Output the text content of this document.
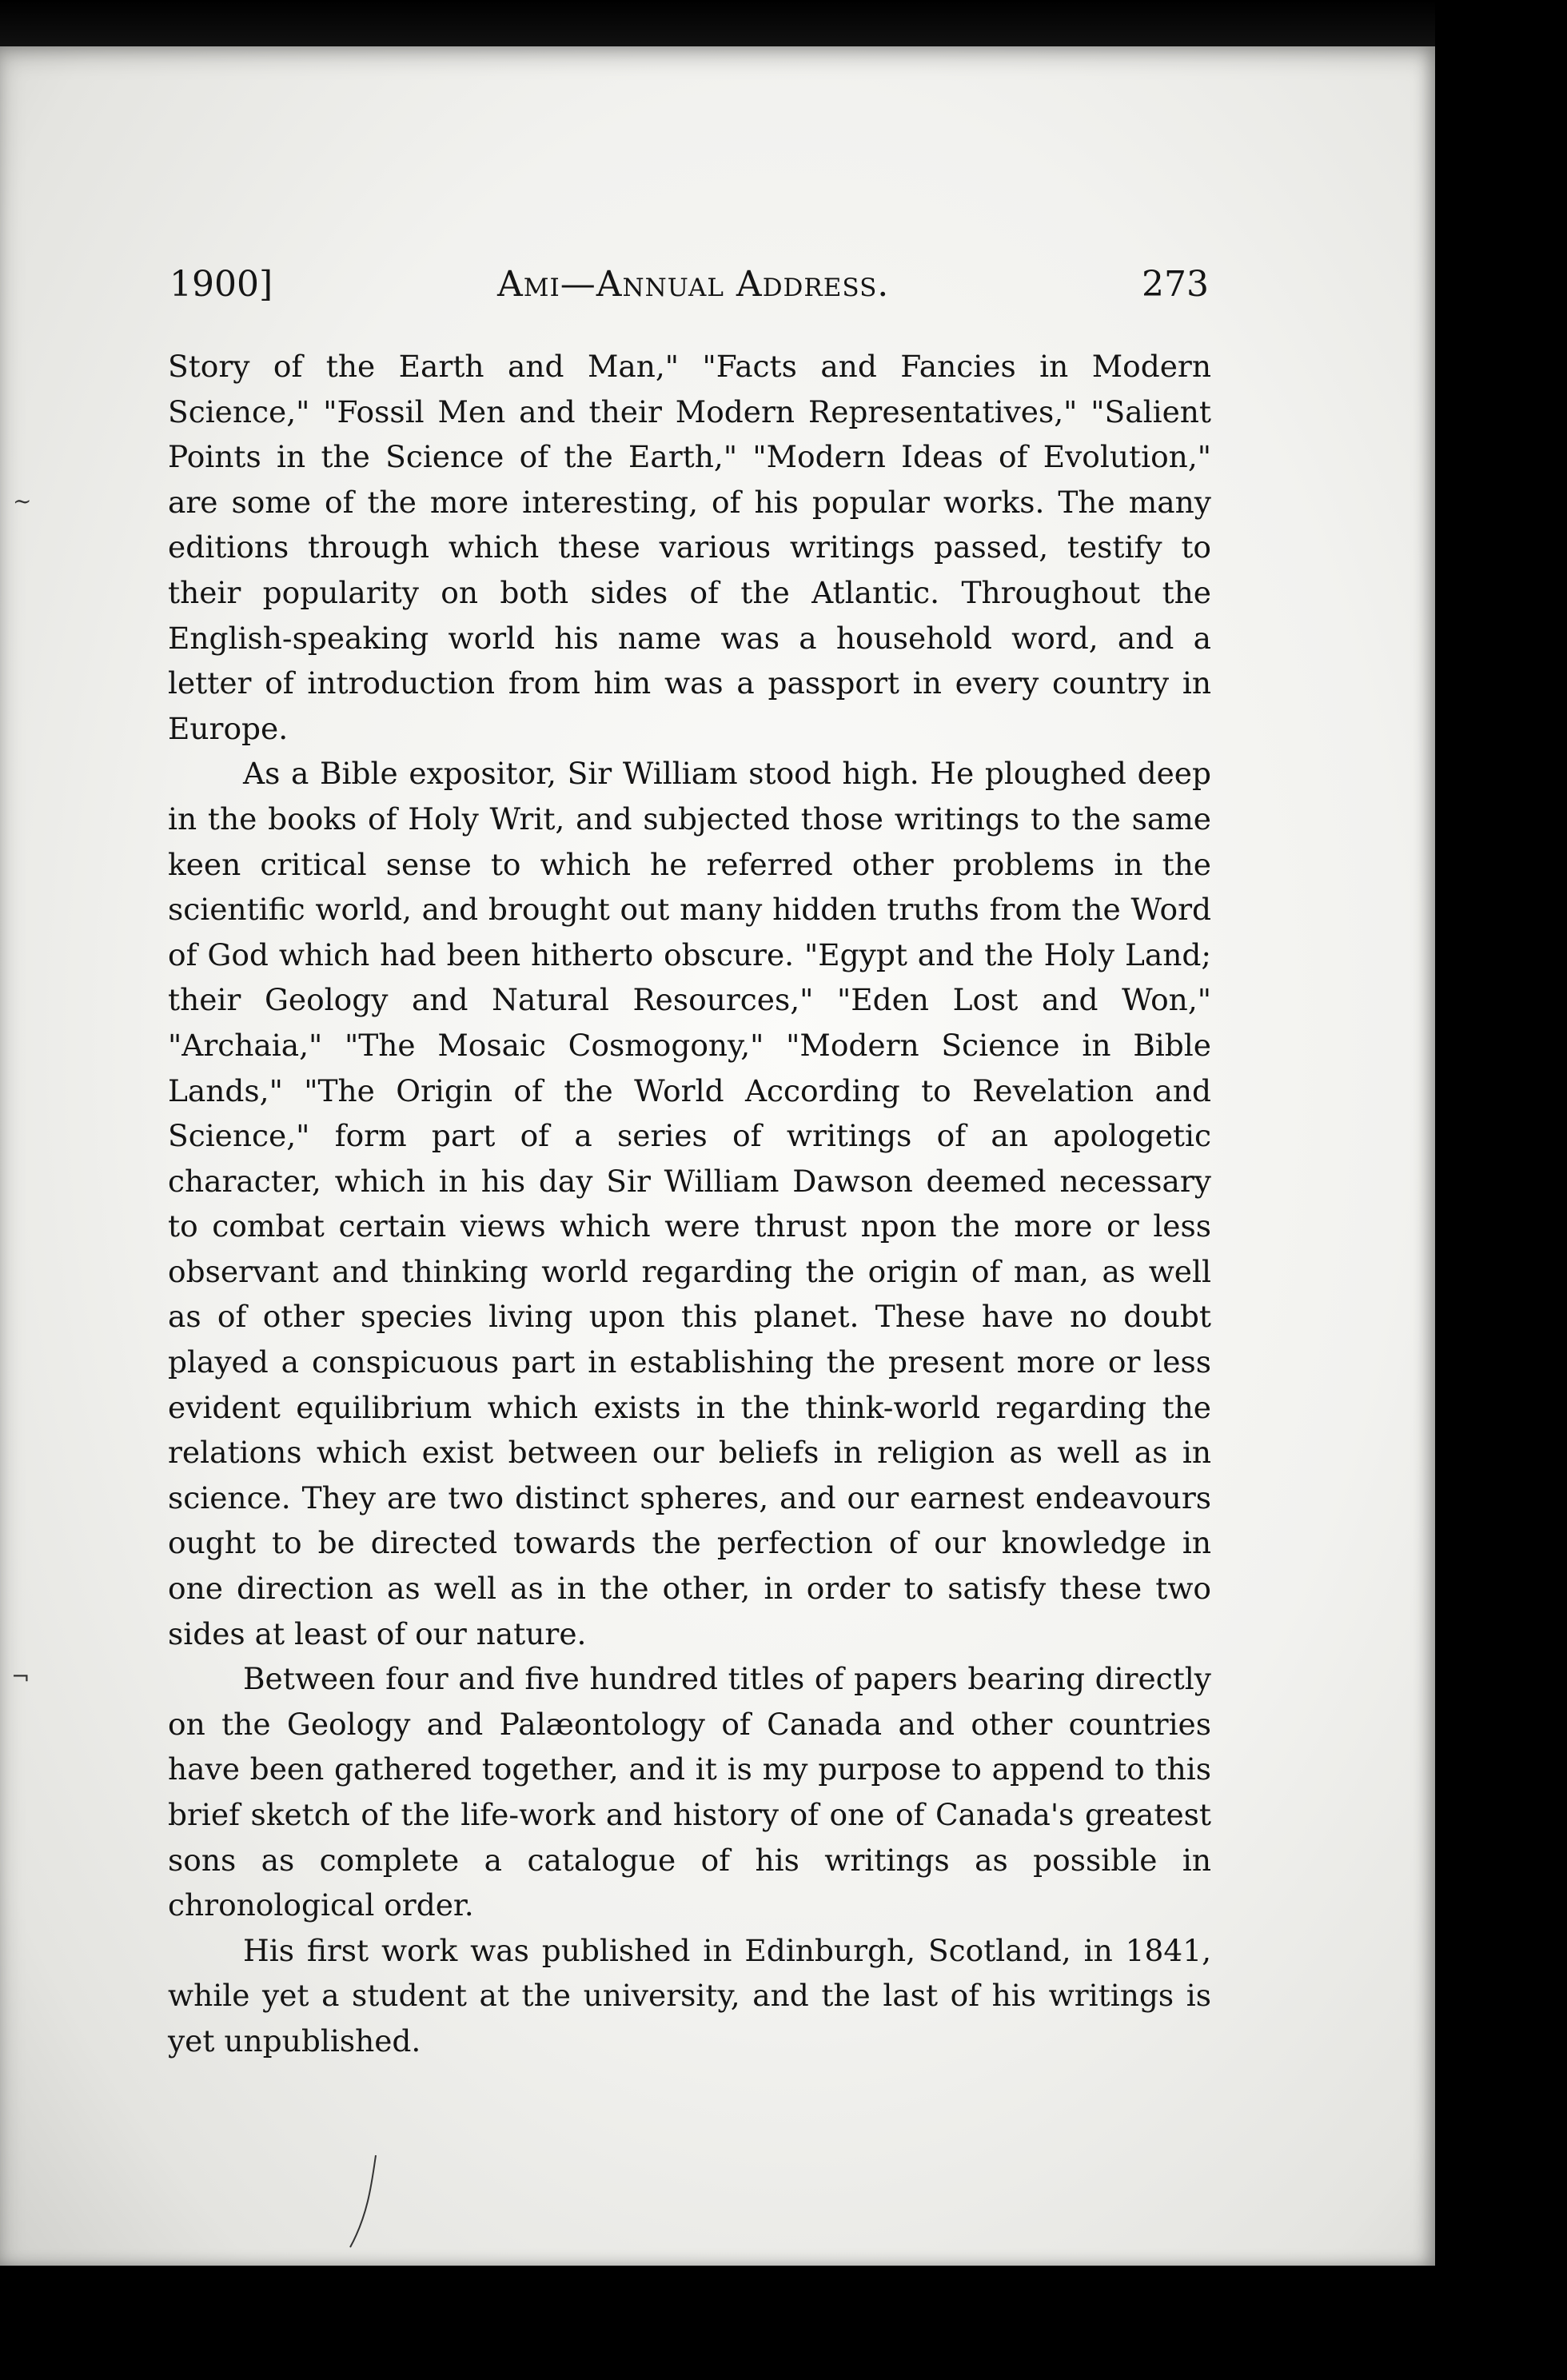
1900]	Ami—Annual Address.	273

Story of the Earth and Man," "Facts and Fancies in Modern Science," "Fossil Men and their Modern Representatives," "Salient Points in the Science of the Earth," "Modern Ideas of Evolution," are some of the more interesting, of his popular works. The many editions through which these various writings passed, testify to their popularity on both sides of the Atlantic. Throughout the English-speaking world his name was a household word, and a letter of introduction from him was a passport in every country in Europe.

As a Bible expositor, Sir William stood high. He ploughed deep in the books of Holy Writ, and subjected those writings to the same keen critical sense to which he referred other problems in the scientific world, and brought out many hidden truths from the Word of God which had been hitherto obscure. "Egypt and the Holy Land; their Geology and Natural Resources," "Eden Lost and Won," "Archaia," "The Mosaic Cosmogony," "Modern Science in Bible Lands," "The Origin of the World According to Revelation and Science," form part of a series of writings of an apologetic character, which in his day Sir William Dawson deemed necessary to combat certain views which were thrust npon the more or less observant and thinking world regarding the origin of man, as well as of other species living upon this planet. These have no doubt played a conspicuous part in establishing the present more or less evident equilibrium which exists in the think-world regarding the relations which exist between our beliefs in religion as well as in science. They are two distinct spheres, and our earnest endeavours ought to be directed towards the perfection of our knowledge in one direction as well as in the other, in order to satisfy these two sides at least of our nature.

Between four and five hundred titles of papers bearing directly on the Geology and Palæontology of Canada and other countries have been gathered together, and it is my purpose to append to this brief sketch of the life-work and history of one of Canada's greatest sons as complete a catalogue of his writings as possible in chronological order.

His first work was published in Edinburgh, Scotland, in 1841, while yet a student at the university, and the last of his writings is yet unpublished.

~
¬
